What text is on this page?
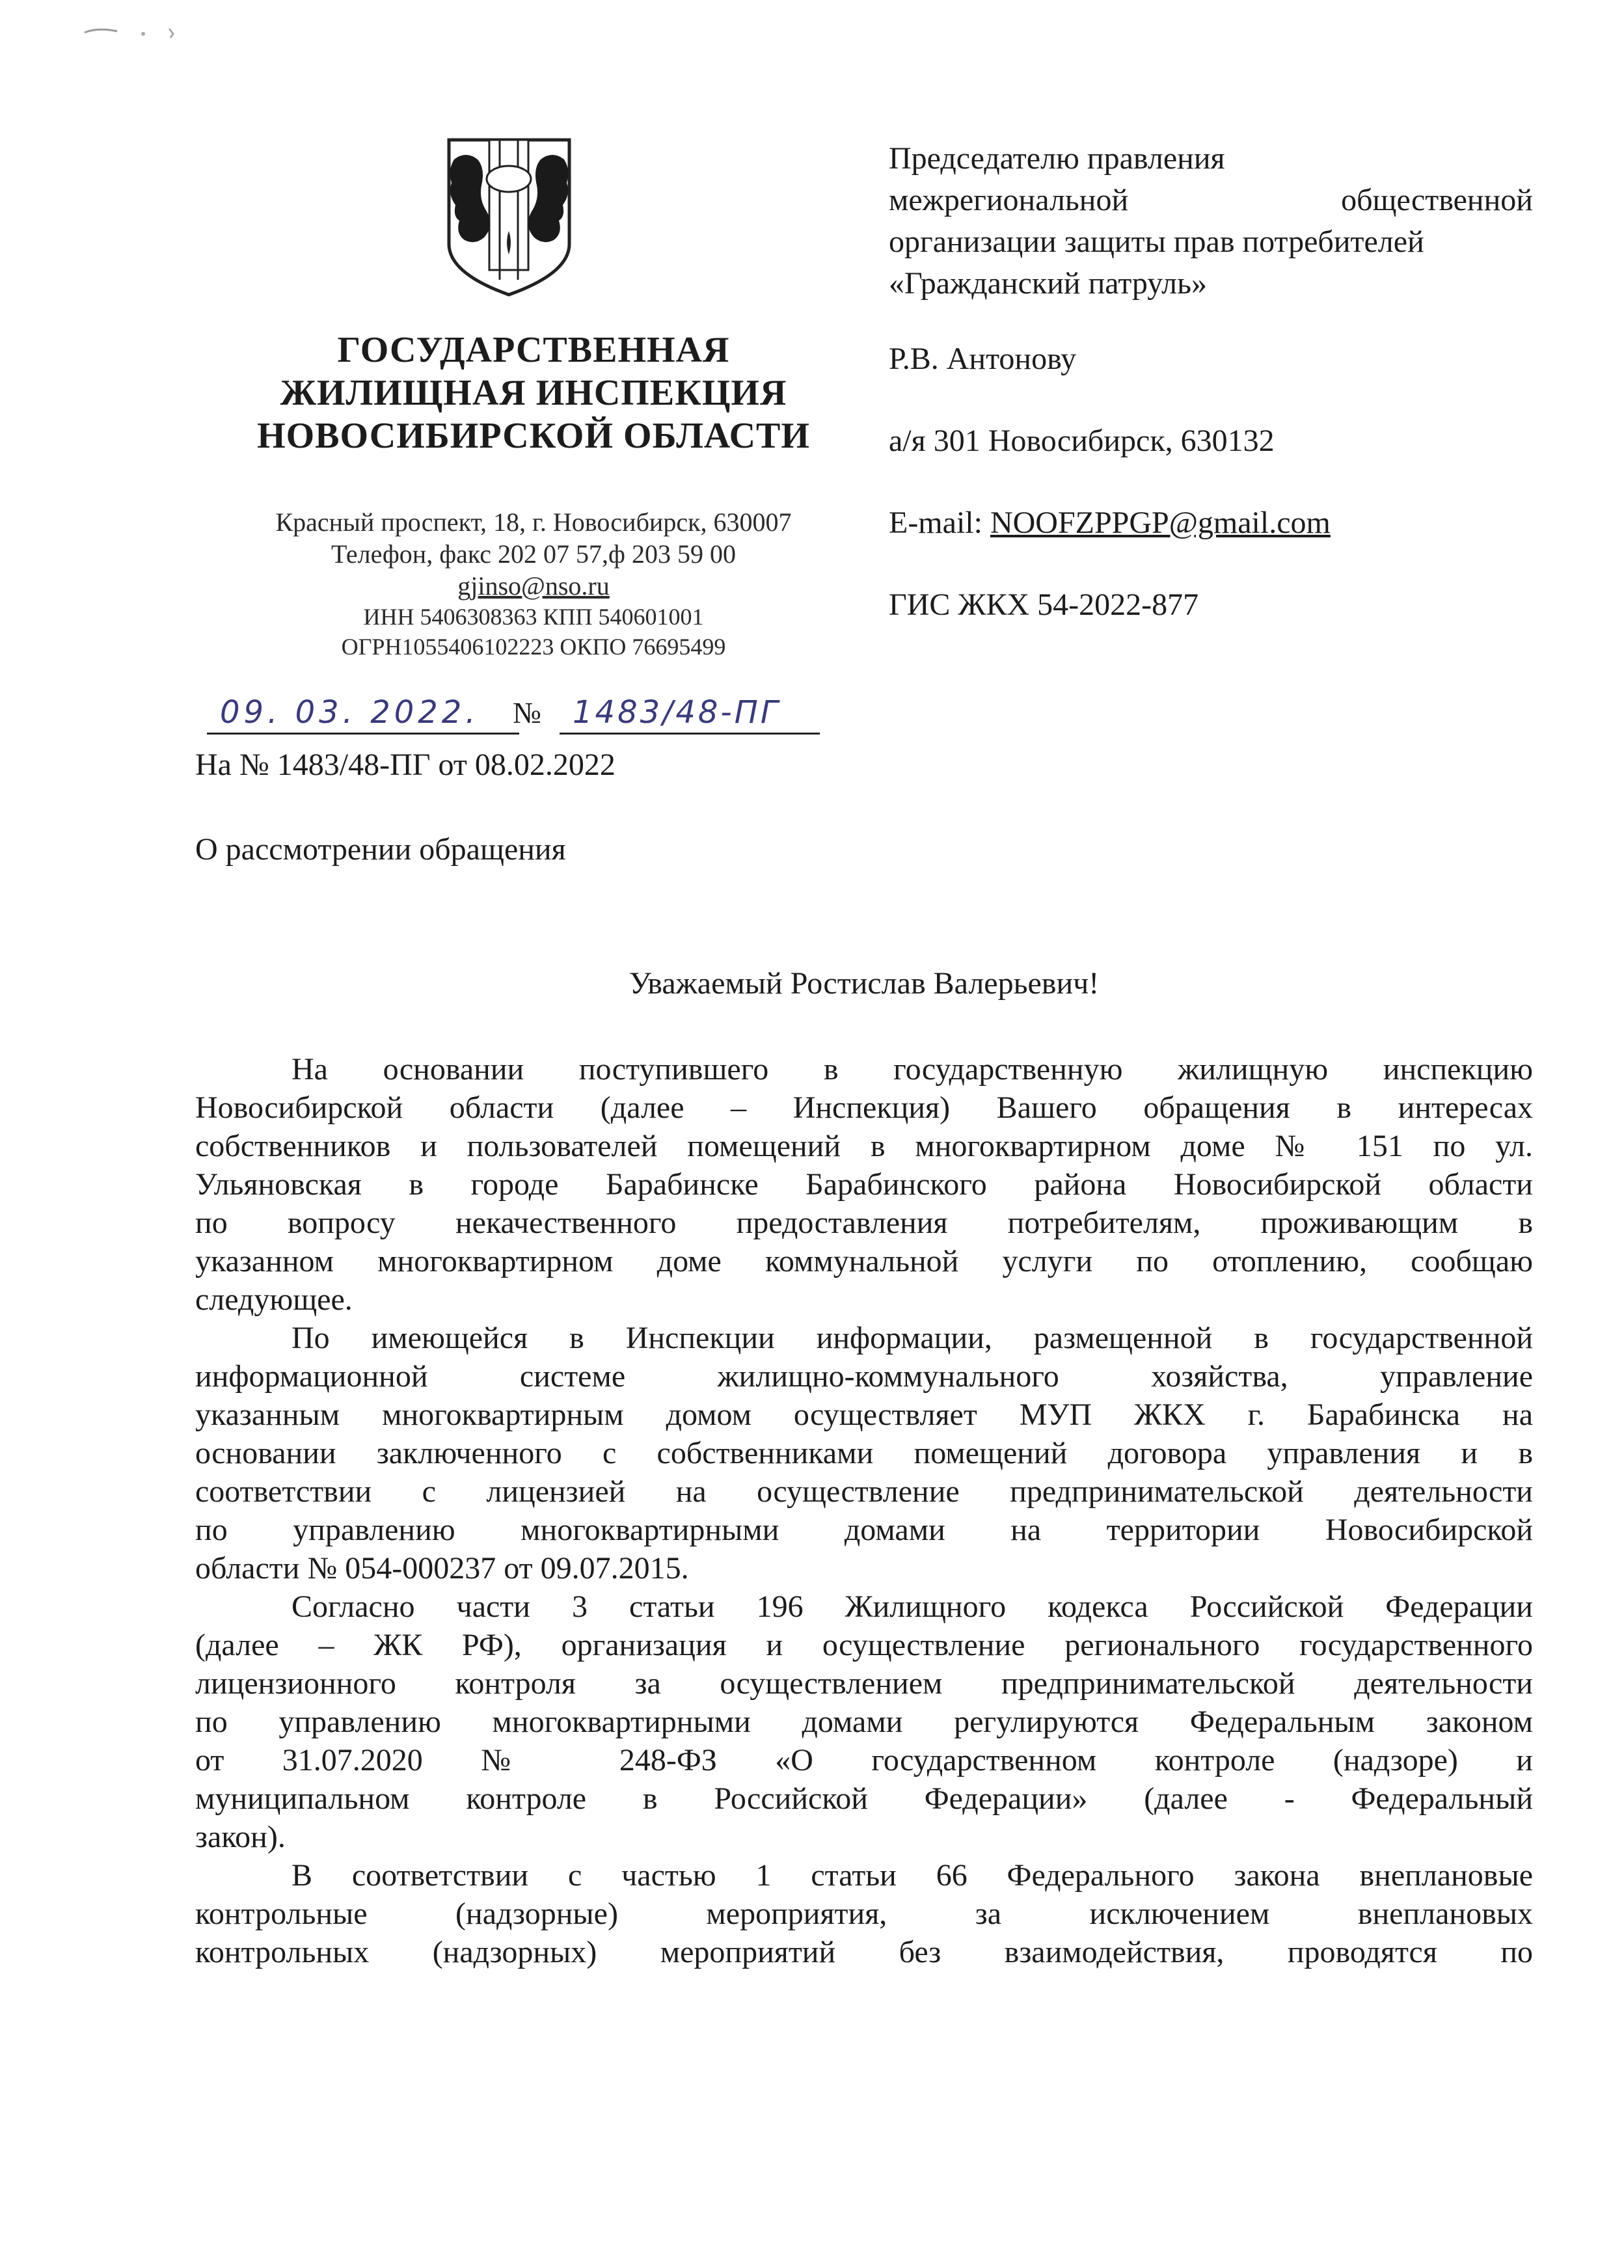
ГОСУДАРСТВЕННАЯ
ЖИЛИЩНАЯ ИНСПЕКЦИЯ
НОВОСИБИРСКОЙ ОБЛАСТИ
Красный проспект, 18, г. Новосибирск, 630007
Телефон, факс 202 07 57,ф 203 59 00
gjinso@nso.ru
ИНН 5406308363 КПП 540601001
ОГРН1055406102223 ОКПО 76695499
09. 03. 2022.	№	1483/48-ПГ
На № 1483/48-ПГ от 08.02.2022
О рассмотрении обращения
Председателю правления
межрегиональной	общественной
организации защиты прав потребителей
«Гражданский патруль»
Р.В. Антонову
а/я 301 Новосибирск, 630132
E-mail: NOOFZPPGP@gmail.com
ГИС ЖКХ 54-2022-877
Уважаемый Ростислав Валерьевич!
На основании поступившего в государственную жилищную инспекцию
Новосибирской области (далее – Инспекция) Вашего обращения в интересах
собственников и пользователей помещений в многоквартирном доме № 151 по ул.
Ульяновская в городе Барабинске Барабинского района Новосибирской области
по вопросу некачественного предоставления потребителям, проживающим в
указанном многоквартирном доме коммунальной услуги по отоплению, сообщаю
следующее.
По имеющейся в Инспекции информации, размещенной в государственной
информационной системе жилищно-коммунального хозяйства, управление
указанным многоквартирным домом осуществляет МУП ЖКХ г. Барабинска на
основании заключенного с собственниками помещений договора управления и в
соответствии с лицензией на осуществление предпринимательской деятельности
по управлению многоквартирными домами на территории Новосибирской
области № 054-000237 от 09.07.2015.
Согласно части 3 статьи 196 Жилищного кодекса Российской Федерации
(далее – ЖК РФ), организация и осуществление регионального государственного
лицензионного контроля за осуществлением предпринимательской деятельности
по управлению многоквартирными домами регулируются Федеральным законом
от 31.07.2020 № 248-ФЗ «О государственном контроле (надзоре) и
муниципальном контроле в Российской Федерации» (далее - Федеральный
закон).
В соответствии с частью 1 статьи 66 Федерального закона внеплановые
контрольные (надзорные) мероприятия, за исключением внеплановых
контрольных (надзорных) мероприятий без взаимодействия, проводятся по
